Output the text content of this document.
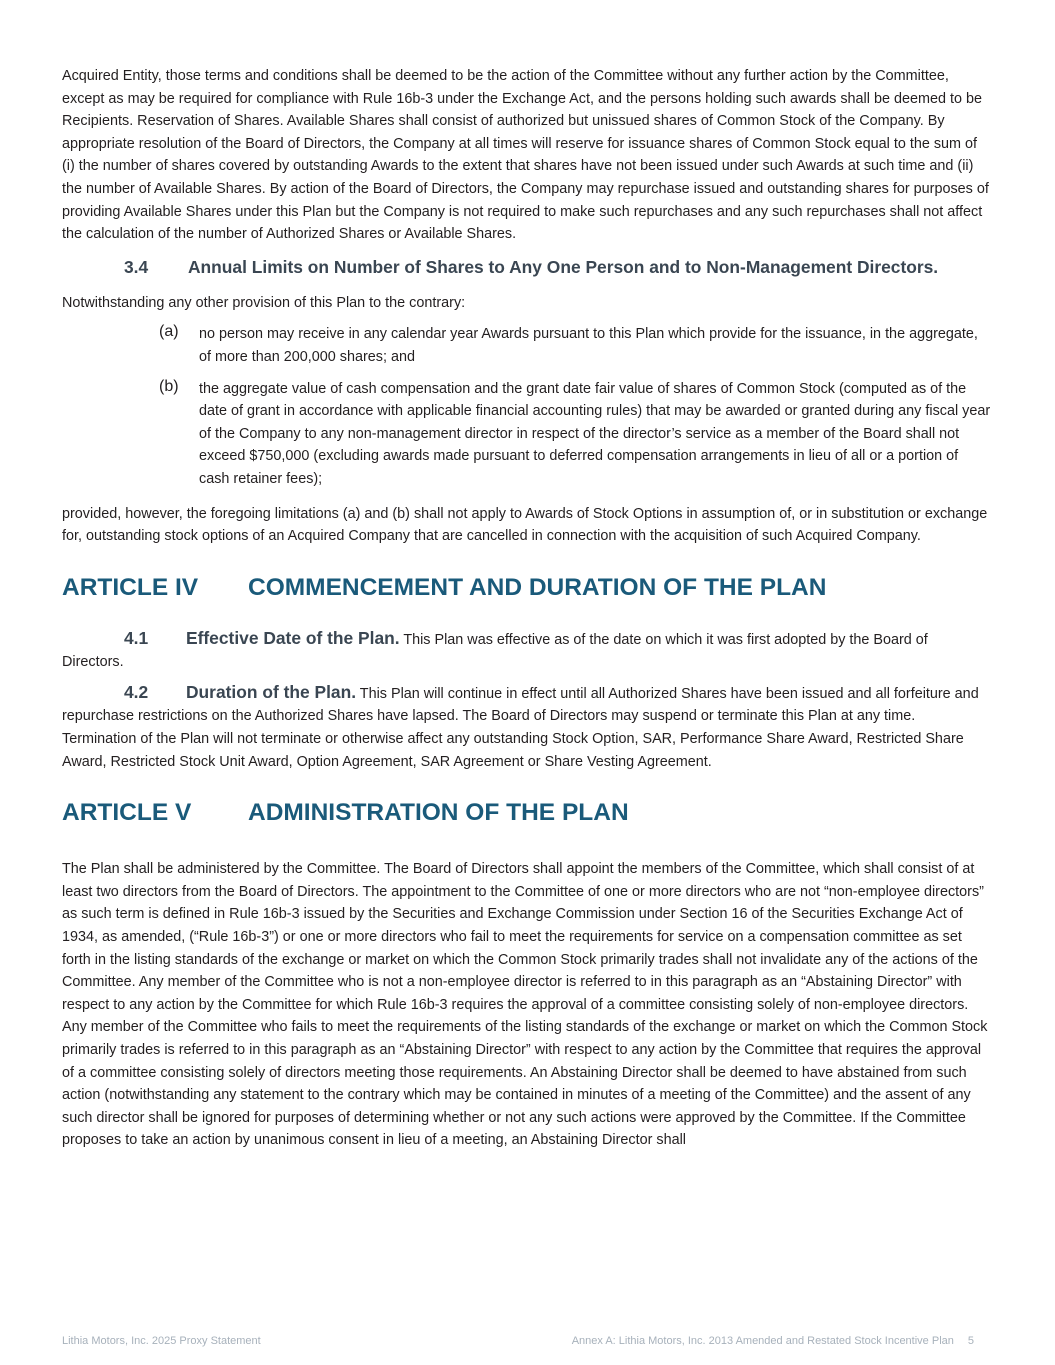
Acquired Entity, those terms and conditions shall be deemed to be the action of the Committee without any further action by the Committee, except as may be required for compliance with Rule 16b-3 under the Exchange Act, and the persons holding such awards shall be deemed to be Recipients. Reservation of Shares. Available Shares shall consist of authorized but unissued shares of Common Stock of the Company. By appropriate resolution of the Board of Directors, the Company at all times will reserve for issuance shares of Common Stock equal to the sum of (i) the number of shares covered by outstanding Awards to the extent that shares have not been issued under such Awards at such time and (ii) the number of Available Shares. By action of the Board of Directors, the Company may repurchase issued and outstanding shares for purposes of providing Available Shares under this Plan but the Company is not required to make such repurchases and any such repurchases shall not affect the calculation of the number of Authorized Shares or Available Shares.

3.4 Annual Limits on Number of Shares to Any One Person and to Non-Management Directors.

Notwithstanding any other provision of this Plan to the contrary:

(a) no person may receive in any calendar year Awards pursuant to this Plan which provide for the issuance, in the aggregate, of more than 200,000 shares; and

(b) the aggregate value of cash compensation and the grant date fair value of shares of Common Stock (computed as of the date of grant in accordance with applicable financial accounting rules) that may be awarded or granted during any fiscal year of the Company to any non-management director in respect of the director’s service as a member of the Board shall not exceed $750,000 (excluding awards made pursuant to deferred compensation arrangements in lieu of all or a portion of cash retainer fees);

provided, however, the foregoing limitations (a) and (b) shall not apply to Awards of Stock Options in assumption of, or in substitution or exchange for, outstanding stock options of an Acquired Company that are cancelled in connection with the acquisition of such Acquired Company.

ARTICLE IV COMMENCEMENT AND DURATION OF THE PLAN

4.1 Effective Date of the Plan. This Plan was effective as of the date on which it was first adopted by the Board of Directors.

4.2 Duration of the Plan. This Plan will continue in effect until all Authorized Shares have been issued and all forfeiture and repurchase restrictions on the Authorized Shares have lapsed. The Board of Directors may suspend or terminate this Plan at any time. Termination of the Plan will not terminate or otherwise affect any outstanding Stock Option, SAR, Performance Share Award, Restricted Share Award, Restricted Stock Unit Award, Option Agreement, SAR Agreement or Share Vesting Agreement.

ARTICLE V ADMINISTRATION OF THE PLAN

The Plan shall be administered by the Committee. The Board of Directors shall appoint the members of the Committee, which shall consist of at least two directors from the Board of Directors. The appointment to the Committee of one or more directors who are not “non-employee directors” as such term is defined in Rule 16b-3 issued by the Securities and Exchange Commission under Section 16 of the Securities Exchange Act of 1934, as amended, (“Rule 16b-3”) or one or more directors who fail to meet the requirements for service on a compensation committee as set forth in the listing standards of the exchange or market on which the Common Stock primarily trades shall not invalidate any of the actions of the Committee. Any member of the Committee who is not a non-employee director is referred to in this paragraph as an “Abstaining Director” with respect to any action by the Committee for which Rule 16b-3 requires the approval of a committee consisting solely of non-employee directors. Any member of the Committee who fails to meet the requirements of the listing standards of the exchange or market on which the Common Stock primarily trades is referred to in this paragraph as an “Abstaining Director” with respect to any action by the Committee that requires the approval of a committee consisting solely of directors meeting those requirements. An Abstaining Director shall be deemed to have abstained from such action (notwithstanding any statement to the contrary which may be contained in minutes of a meeting of the Committee) and the assent of any such director shall be ignored for purposes of determining whether or not any such actions were approved by the Committee. If the Committee proposes to take an action by unanimous consent in lieu of a meeting, an Abstaining Director shall

Lithia Motors, Inc. 2025 Proxy Statement	Annex A: Lithia Motors, Inc. 2013 Amended and Restated Stock Incentive Plan 5
